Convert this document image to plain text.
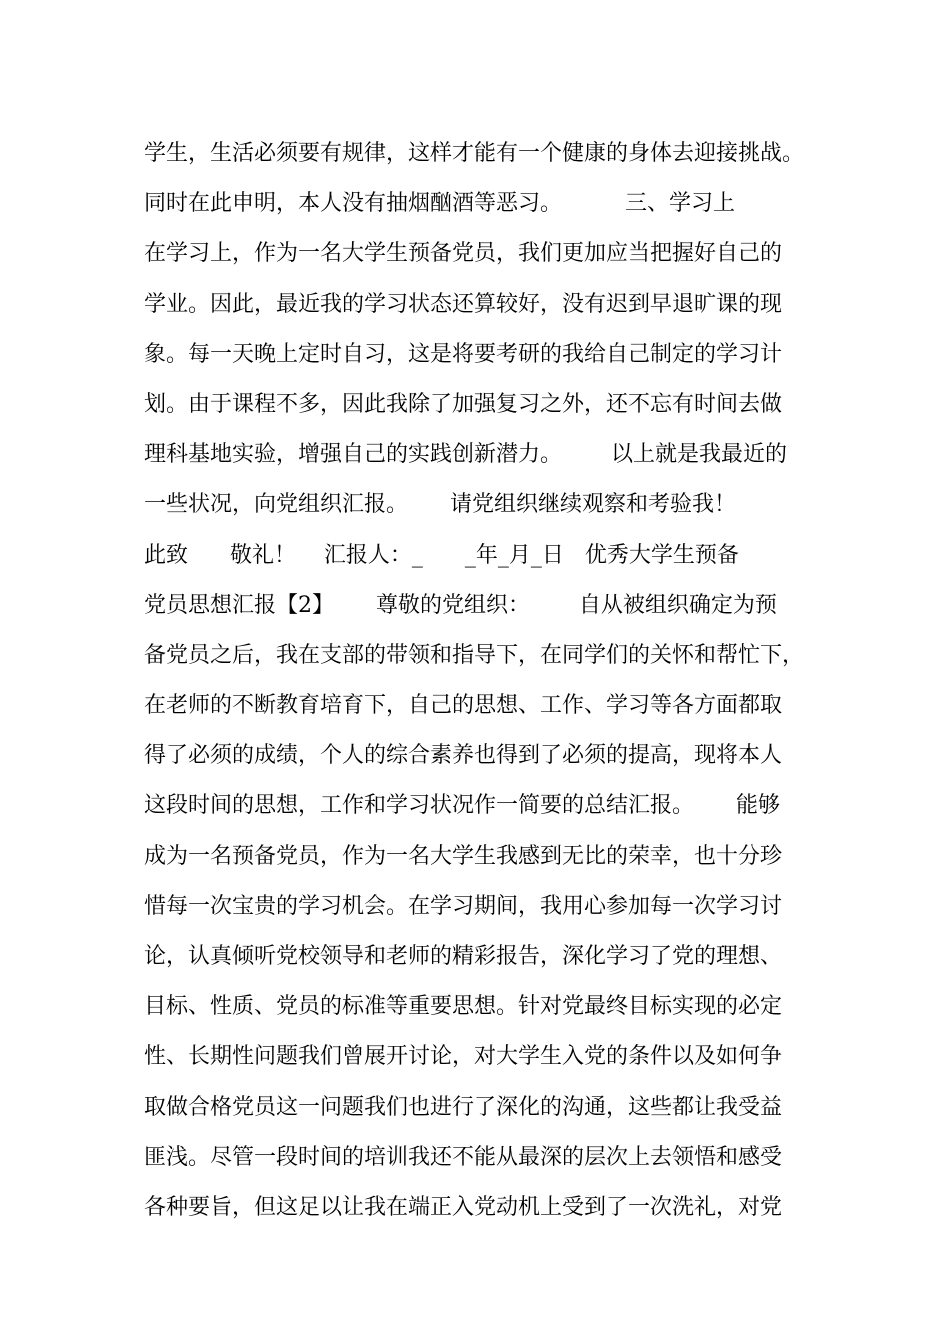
学生，生活必须要有规律，这样才能有一个健康的身体去迎接挑战。
同时在此申明，本人没有抽烟酗酒等恶习。         三、学习上
在学习上，作为一名大学生预备党员，我们更加应当把握好自己的
学业。因此，最近我的学习状态还算较好，没有迟到早退旷课的现
象。每一天晚上定时自习，这是将要考研的我给自己制定的学习计
划。由于课程不多，因此我除了加强复习之外，还不忘有时间去做
理科基地实验，增强自己的实践创新潜力。       以上就是我最近的
一些状况，向党组织汇报。      请党组织继续观察和考验我！
此致      敬礼！    汇报人：_      _年_月_日   优秀大学生预备
党员思想汇报【2】      尊敬的党组织：       自从被组织确定为预
备党员之后，我在支部的带领和指导下，在同学们的关怀和帮忙下，
在老师的不断教育培育下，自己的思想、工作、学习等各方面都取
得了必须的成绩，个人的综合素养也得到了必须的提高，现将本人
这段时间的思想，工作和学习状况作一简要的总结汇报。      能够
成为一名预备党员，作为一名大学生我感到无比的荣幸，也十分珍
惜每一次宝贵的学习机会。在学习期间，我用心参加每一次学习讨
论，认真倾听党校领导和老师的精彩报告，深化学习了党的理想、
目标、性质、党员的标准等重要思想。针对党最终目标实现的必定
性、长期性问题我们曾展开讨论，对大学生入党的条件以及如何争
取做合格党员这一问题我们也进行了深化的沟通，这些都让我受益
匪浅。尽管一段时间的培训我还不能从最深的层次上去领悟和感受
各种要旨，但这足以让我在端正入党动机上受到了一次洗礼，对党
